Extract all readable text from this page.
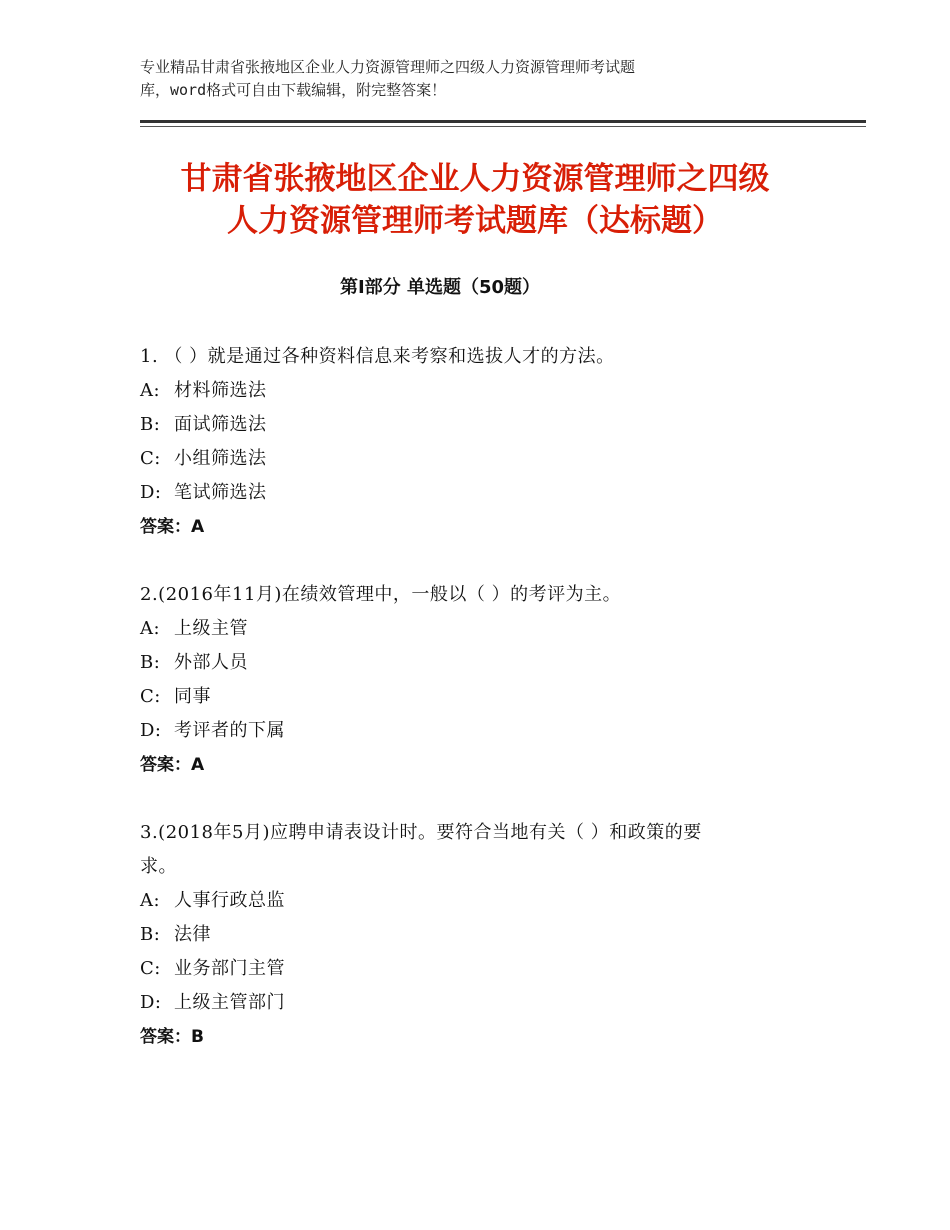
专业精品甘肃省张掖地区企业人力资源管理师之四级人力资源管理师考试题
库，word格式可自由下载编辑，附完整答案！
甘肃省张掖地区企业人力资源管理师之四级
人力资源管理师考试题库（达标题）
第Ⅰ部分 单选题（50题）
1. （ ）就是通过各种资料信息来考察和选拔人才的方法。
A: 材料筛选法
B: 面试筛选法
C: 小组筛选法
D: 笔试筛选法
答案：A
2.(2016年11月)在绩效管理中，一般以（ ）的考评为主。
A: 上级主管
B: 外部人员
C: 同事
D: 考评者的下属
答案：A
3.(2018年5月)应聘申请表设计时。要符合当地有关（ ）和政策的要
求。
A: 人事行政总监
B: 法律
C: 业务部门主管
D: 上级主管部门
答案：B
